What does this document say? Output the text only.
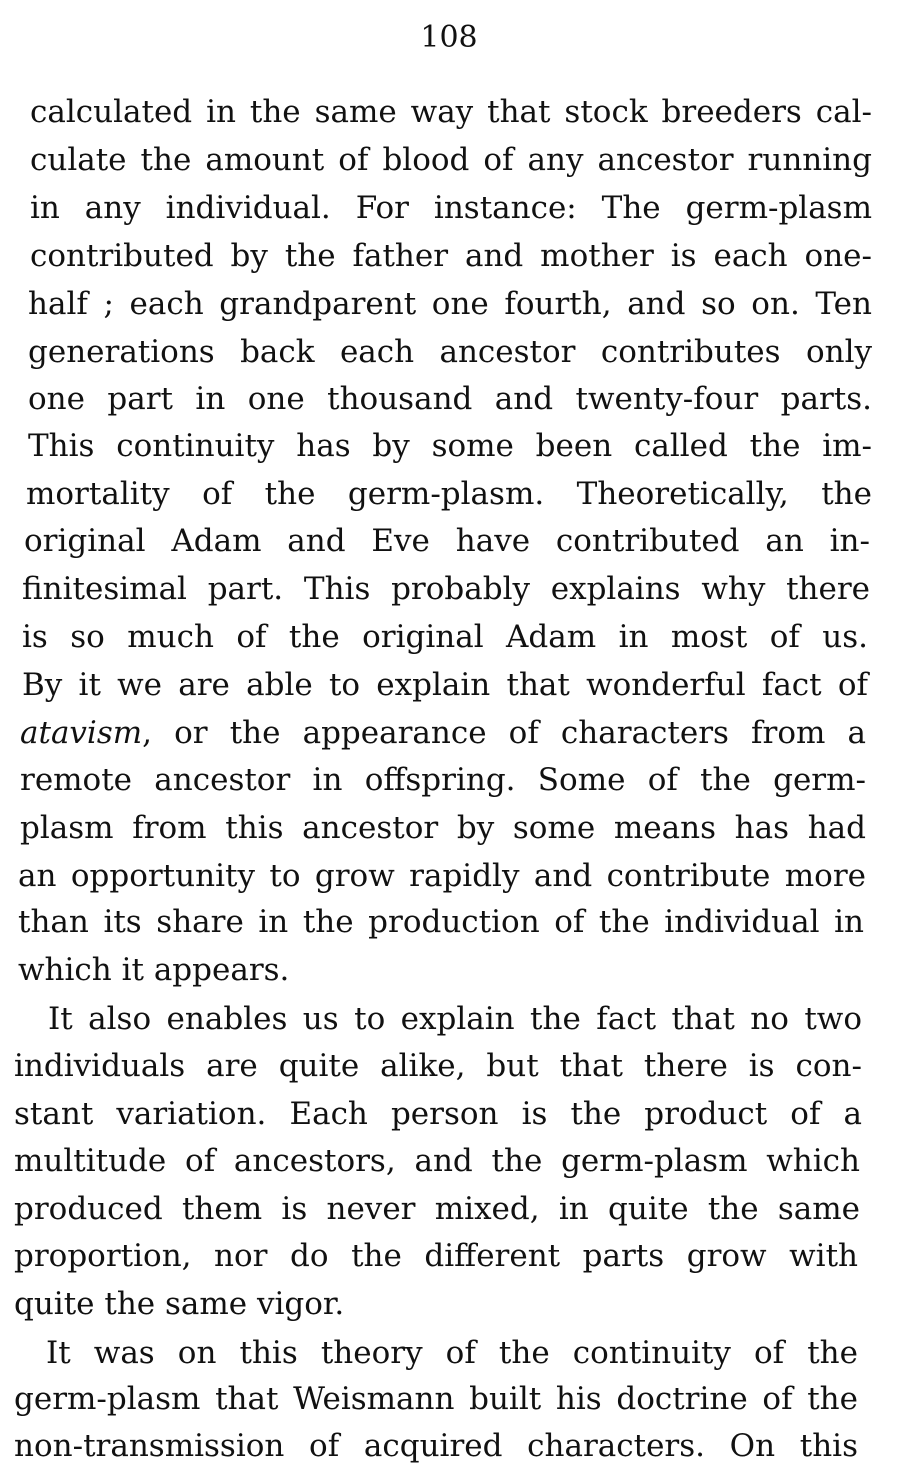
108
calculated in the same way that stock breeders cal-
culate the amount of blood of any ancestor running
in any individual. For instance: The germ-plasm
contributed by the father and mother is each one-
half ; each grandparent one fourth, and so on. Ten
generations back each ancestor contributes only
one part in one thousand and twenty-four parts.
This continuity has by some been called the im-
mortality of the germ-plasm. Theoretically, the
original Adam and Eve have contributed an in-
finitesimal part. This probably explains why there
is so much of the original Adam in most of us.
By it we are able to explain that wonderful fact of
atavism, or the appearance of characters from a
remote ancestor in offspring. Some of the germ-
plasm from this ancestor by some means has had
an opportunity to grow rapidly and contribute more
than its share in the production of the individual in
which it appears.
It also enables us to explain the fact that no two
individuals are quite alike, but that there is con-
stant variation. Each person is the product of a
multitude of ancestors, and the germ-plasm which
produced them is never mixed, in quite the same
proportion, nor do the different parts grow with
quite the same vigor.
It was on this theory of the continuity of the
germ-plasm that Weismann built his doctrine of the
non-transmission of acquired characters. On this
